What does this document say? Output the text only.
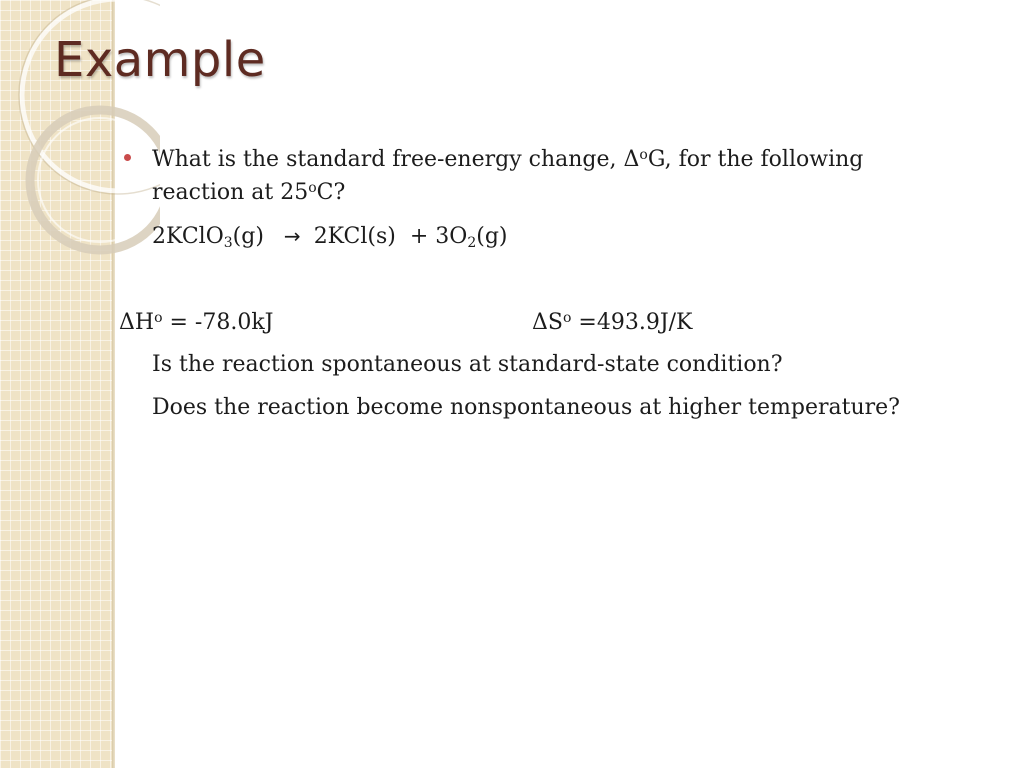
Example
What is the standard free-energy change, $\Delta^oG$, for the following
reaction at 25$^o$C?
2KClO$_3$(g) → $2KCl(s) + 3O_2(g)$
$\Delta H^o = -78.0kJ$	$\Delta S^o =493.9J/K$
Is the reaction spontaneous at standard-state condition?
Does the reaction become nonspontaneous at higher temperature?
